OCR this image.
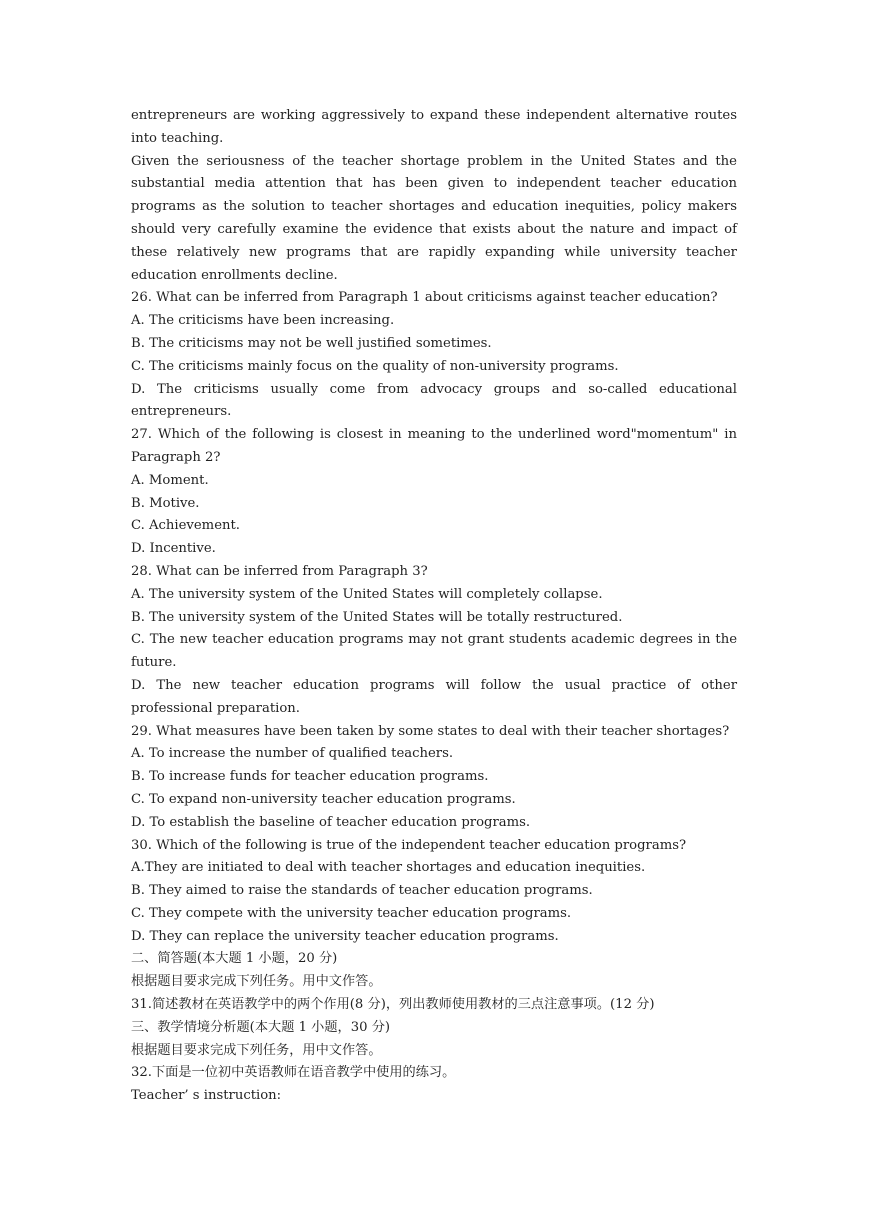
entrepreneurs are working aggressively to expand these independent alternative routes into teaching.

Given the seriousness of the teacher shortage problem in the United States and the substantial media attention that has been given to independent teacher education programs as the solution to teacher shortages and education inequities, policy makers should very carefully examine the evidence that exists about the nature and impact of these relatively new programs that are rapidly expanding while university teacher education enrollments decline.

26. What can be inferred from Paragraph 1 about criticisms against teacher education?

A. The criticisms have been increasing.

B. The criticisms may not be well justified sometimes.

C. The criticisms mainly focus on the quality of non-university programs.

D. The criticisms usually come from advocacy groups and so-called educational entrepreneurs.

27. Which of the following is closest in meaning to the underlined word"momentum" in Paragraph 2?

A. Moment.

B. Motive.

C. Achievement.

D. Incentive.

28. What can be inferred from Paragraph 3?

A. The university system of the United States will completely collapse.

B. The university system of the United States will be totally restructured.

C. The new teacher education programs may not grant students academic degrees in the future.

D. The new teacher education programs will follow the usual practice of other professional preparation.

29. What measures have been taken by some states to deal with their teacher shortages?

A. To increase the number of qualified teachers.

B. To increase funds for teacher education programs.

C. To expand non-university teacher education programs.

D. To establish the baseline of teacher education programs.

30. Which of the following is true of the independent teacher education programs?

A.They are initiated to deal with teacher shortages and education inequities.

B. They aimed to raise the standards of teacher education programs.

C. They compete with the university teacher education programs.

D. They can replace the university teacher education programs.

二、简答题(本大题 1 小题，20 分)

根据题目要求完成下列任务。用中文作答。

31.简述教材在英语教学中的两个作用(8 分)，列出教师使用教材的三点注意事项。(12 分)

三、教学情境分析题(本大题 1 小题，30 分)

根据题目要求完成下列任务，用中文作答。

32.下面是一位初中英语教师在语音教学中使用的练习。

Teacher’ s instruction:
